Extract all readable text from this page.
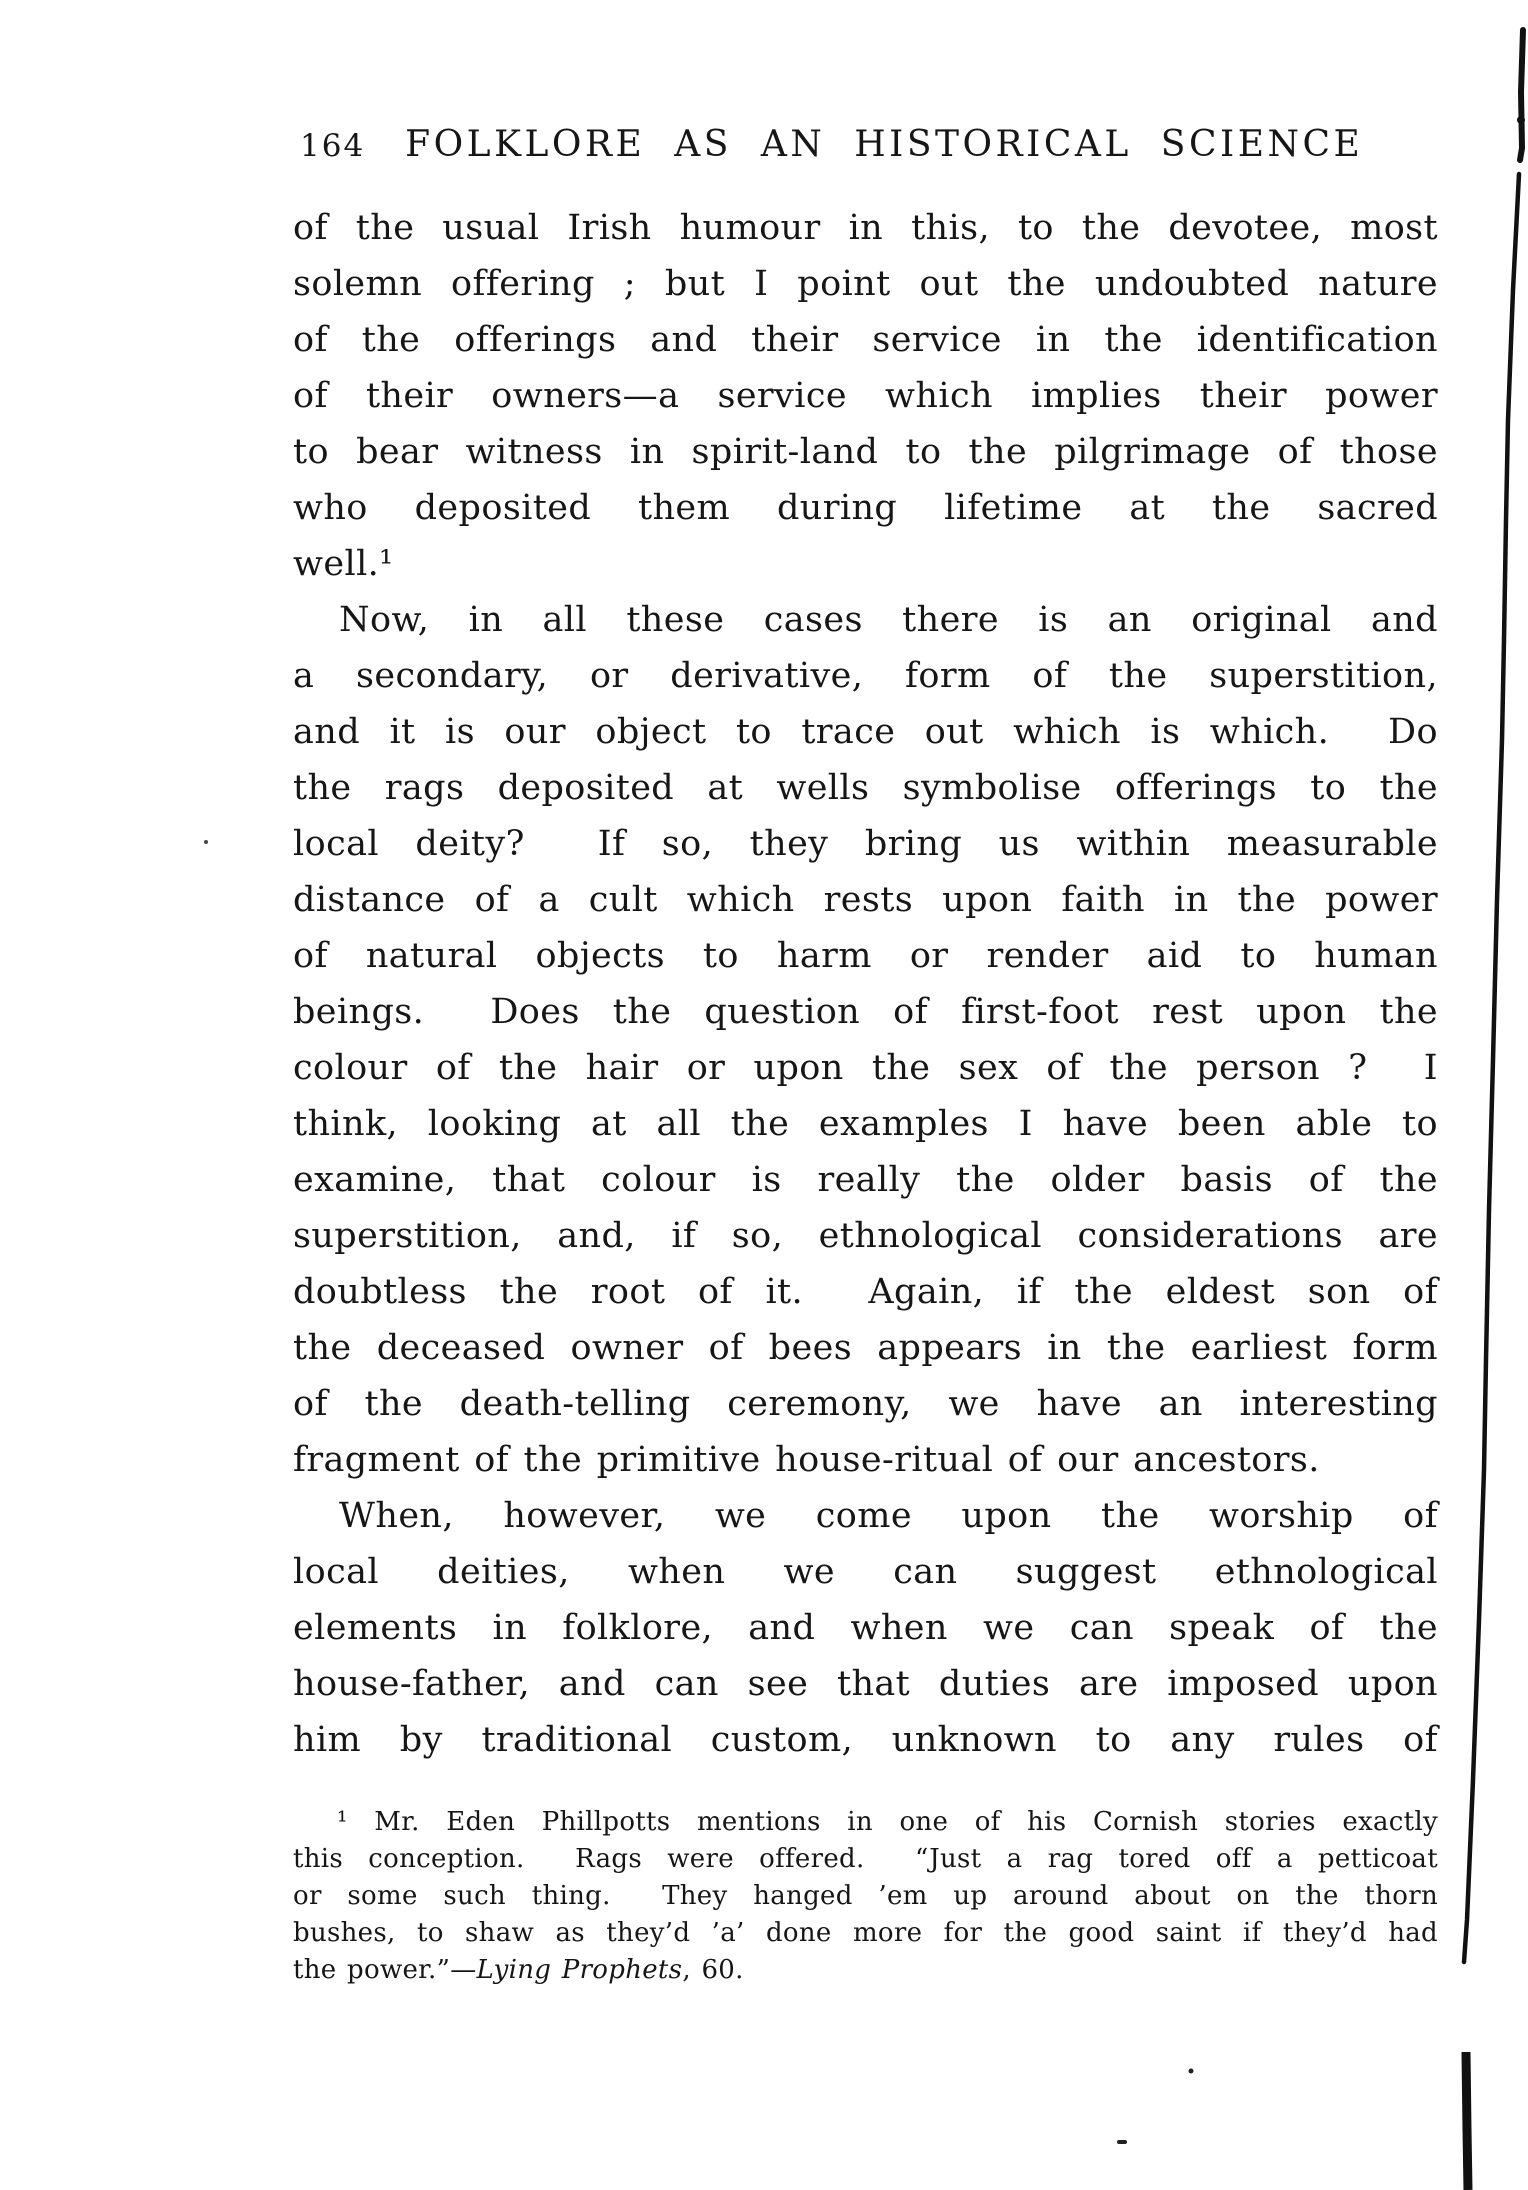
164 FOLKLORE AS AN HISTORICAL SCIENCE
of the usual Irish humour in this, to the devotee, most
solemn offering ; but I point out the undoubted nature
of the offerings and their service in the identification
of their owners—a service which implies their power
to bear witness in spirit-land to the pilgrimage of those
who deposited them during lifetime at the sacred
well.¹
Now, in all these cases there is an original and
a secondary, or derivative, form of the superstition,
and it is our object to trace out which is which.  Do
the rags deposited at wells symbolise offerings to the
local deity?  If so, they bring us within measurable
distance of a cult which rests upon faith in the power
of natural objects to harm or render aid to human
beings.  Does the question of first-foot rest upon the
colour of the hair or upon the sex of the person ?  I
think, looking at all the examples I have been able to
examine, that colour is really the older basis of the
superstition, and, if so, ethnological considerations are
doubtless the root of it.  Again, if the eldest son of
the deceased owner of bees appears in the earliest form
of the death-telling ceremony, we have an interesting
fragment of the primitive house-ritual of our ancestors.
When, however, we come upon the worship of
local deities, when we can suggest ethnological
elements in folklore, and when we can speak of the
house-father, and can see that duties are imposed upon
him by traditional custom, unknown to any rules of
¹ Mr. Eden Phillpotts mentions in one of his Cornish stories exactly
this conception.  Rags were offered.  “Just a rag tored off a petticoat
or some such thing.  They hanged ’em up around about on the thorn
bushes, to shaw as they’d ’a’ done more for the good saint if they’d had
the power.”—Lying Prophets, 60.
